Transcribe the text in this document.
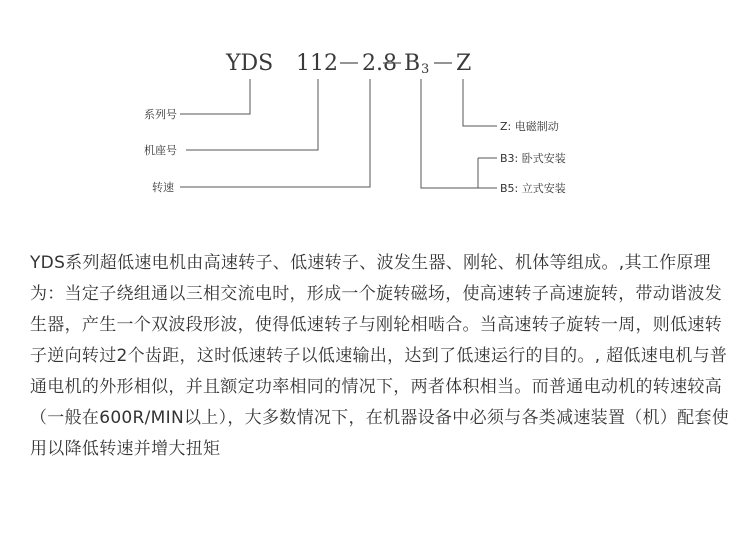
YDS 112 2.8 B 3 Z
系列号
机座号
转速
Z: 电磁制动
B3: 卧式安装
B5: 立式安装

YDS系列超低速电机由高速转子、低速转子、波发生器、刚轮、机体等组成。,其工作原理为：当定子绕组通以三相交流电时，形成一个旋转磁场，使高速转子高速旋转，带动谐波发生器，产生一个双波段形波，使得低速转子与刚轮相啮合。当高速转子旋转一周，则低速转子逆向转过2个齿距，这时低速转子以低速输出，达到了低速运行的目的。, 超低速电机与普通电机的外形相似，并且额定功率相同的情况下，两者体积相当。而普通电动机的转速较高（一般在600R/MIN以上），大多数情况下，在机器设备中必须与各类减速装置（机）配套使用以降低转速并增大扭矩
